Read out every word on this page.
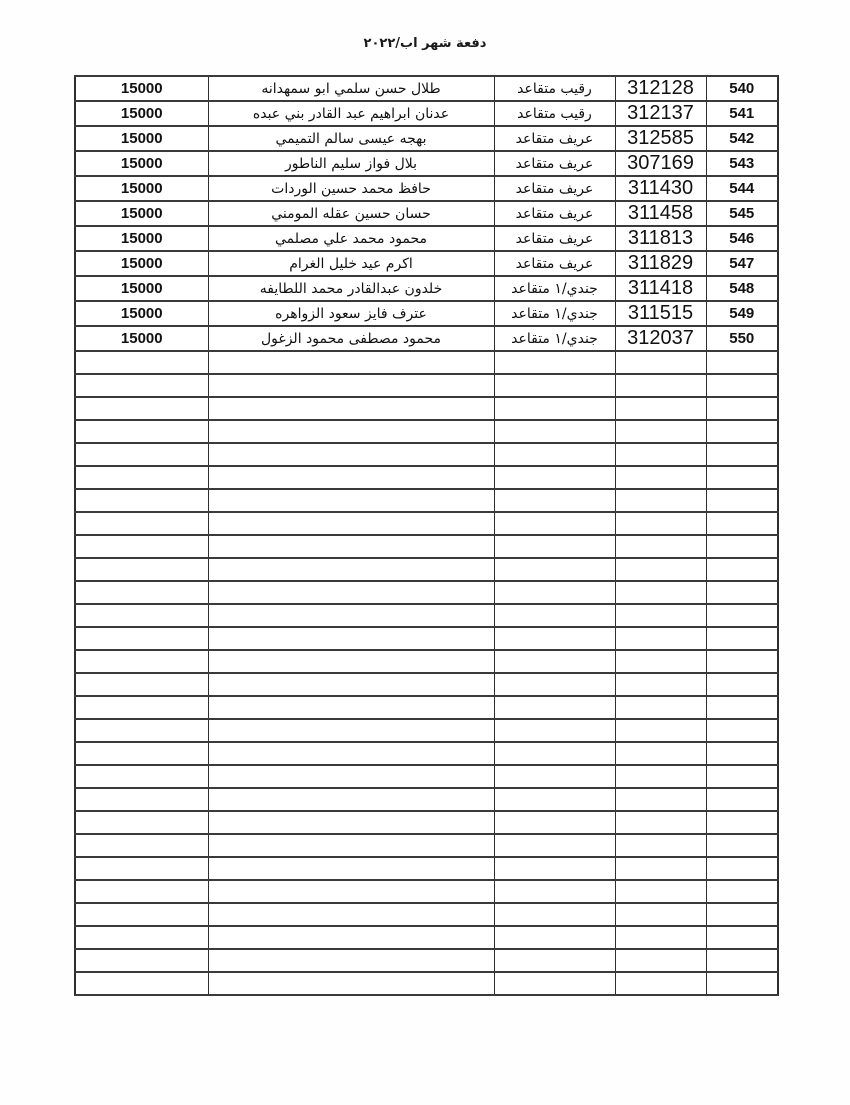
دفعة شهر اب/٢٠٢٢
540	312128	رقيب متقاعد	طلال حسن سلمي ابو سمهدانه	15000
541	312137	رقيب متقاعد	عدنان ابراهيم عبد القادر بني عبده	15000
542	312585	عريف متقاعد	بهجه عيسى سالم التميمي	15000
543	307169	عريف متقاعد	بلال فواز سليم الناطور	15000
544	311430	عريف متقاعد	حافظ محمد حسين الوردات	15000
545	311458	عريف متقاعد	حسان حسين عقله المومني	15000
546	311813	عريف متقاعد	محمود محمد علي مصلمي	15000
547	311829	عريف متقاعد	اكرم عيد خليل الغرام	15000
548	311418	جندي/١ متقاعد	خلدون عبدالقادر محمد اللطايفه	15000
549	311515	جندي/١ متقاعد	عترف فايز سعود الزواهره	15000
550	312037	جندي/١ متقاعد	محمود مصطفى محمود الزغول	15000
